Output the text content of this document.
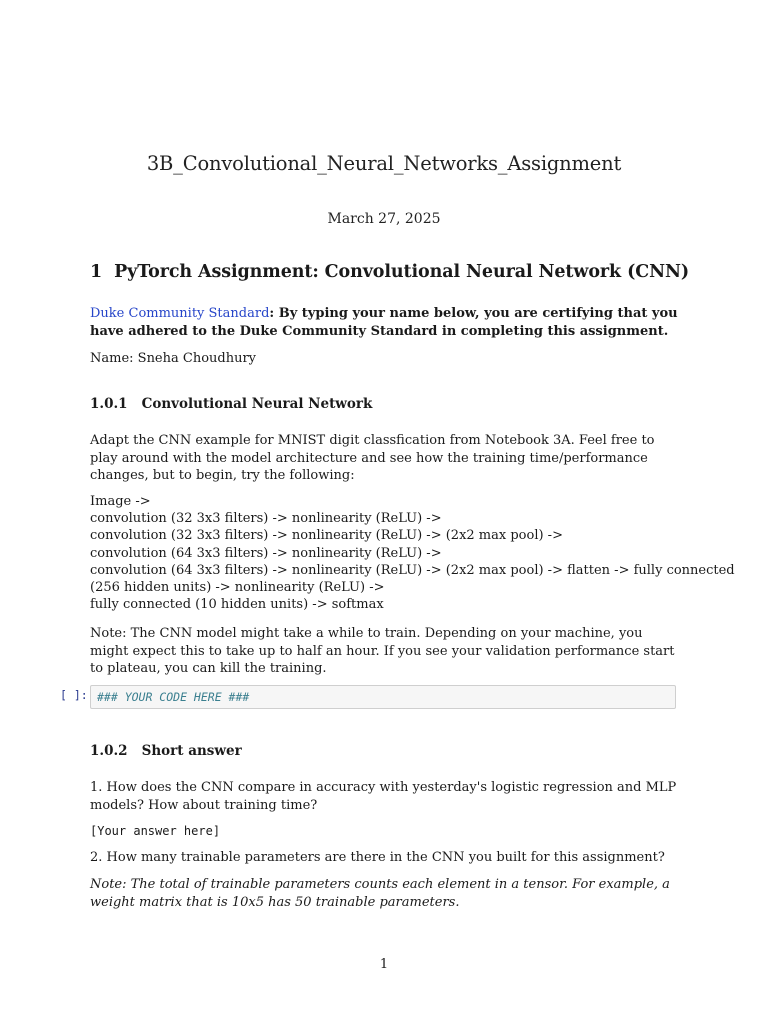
3B_Convolutional_Neural_Networks_Assignment
March 27, 2025
1 PyTorch Assignment: Convolutional Neural Network (CNN)

Duke Community Standard: By typing your name below, you are certifying that you have adhered to the Duke Community Standard in completing this assignment.

Name: Sneha Choudhury

1.0.1 Convolutional Neural Network

Adapt the CNN example for MNIST digit classfication from Notebook 3A. Feel free to play around with the model architecture and see how the training time/performance changes, but to begin, try the following:

Image ->
convolution (32 3x3 filters) -> nonlinearity (ReLU) ->
convolution (32 3x3 filters) -> nonlinearity (ReLU) -> (2x2 max pool) ->
convolution (64 3x3 filters) -> nonlinearity (ReLU) ->
convolution (64 3x3 filters) -> nonlinearity (ReLU) -> (2x2 max pool) -> flatten -> fully connected
(256 hidden units) -> nonlinearity (ReLU) ->
fully connected (10 hidden units) -> softmax

Note: The CNN model might take a while to train. Depending on your machine, you might expect this to take up to half an hour. If you see your validation performance start to plateau, you can kill the training.

1.0.2 Short answer

1. How does the CNN compare in accuracy with yesterday's logistic regression and MLP models? How about training time?

[Your answer here]

2. How many trainable parameters are there in the CNN you built for this assignment?

Note: The total of trainable parameters counts each element in a tensor. For example, a weight matrix that is 10x5 has 50 trainable parameters.

[ ]: ### YOUR CODE HERE ###
1
